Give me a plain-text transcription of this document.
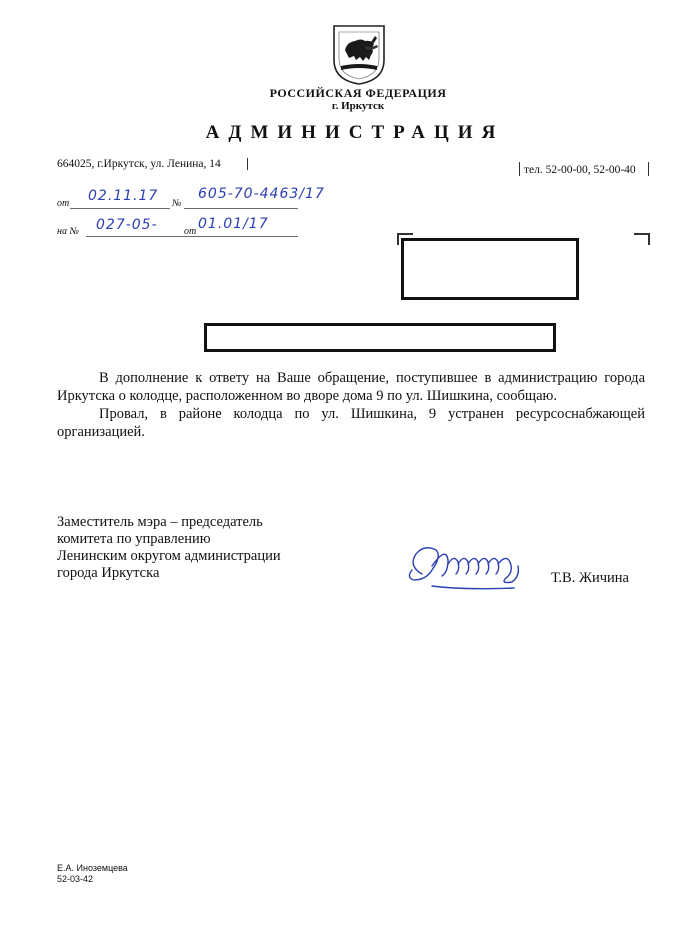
РОССИЙСКАЯ ФЕДЕРАЦИЯ
г. Иркутск
АДМИНИСТРАЦИЯ
664025, г.Иркутск, ул. Ленина, 14	тел. 52-00-00, 52-00-40
от 02.11.17 №
605-70-4463/17
на № 027-05-	от 01.01/17

В дополнение к ответу на Ваше обращение, поступившее в администрацию города Иркутска о колодце, расположенном во дворе дома 9 по ул. Шишкина, сообщаю.

Провал, в районе колодца по ул. Шишкина, 9 устранен ресурсоснабжающей организацией.

Заместитель мэра – председатель
комитета по управлению
Ленинским округом администрации
города Иркутска	Т.В. Жичина
Е.А. Иноземцева
52-03-42
